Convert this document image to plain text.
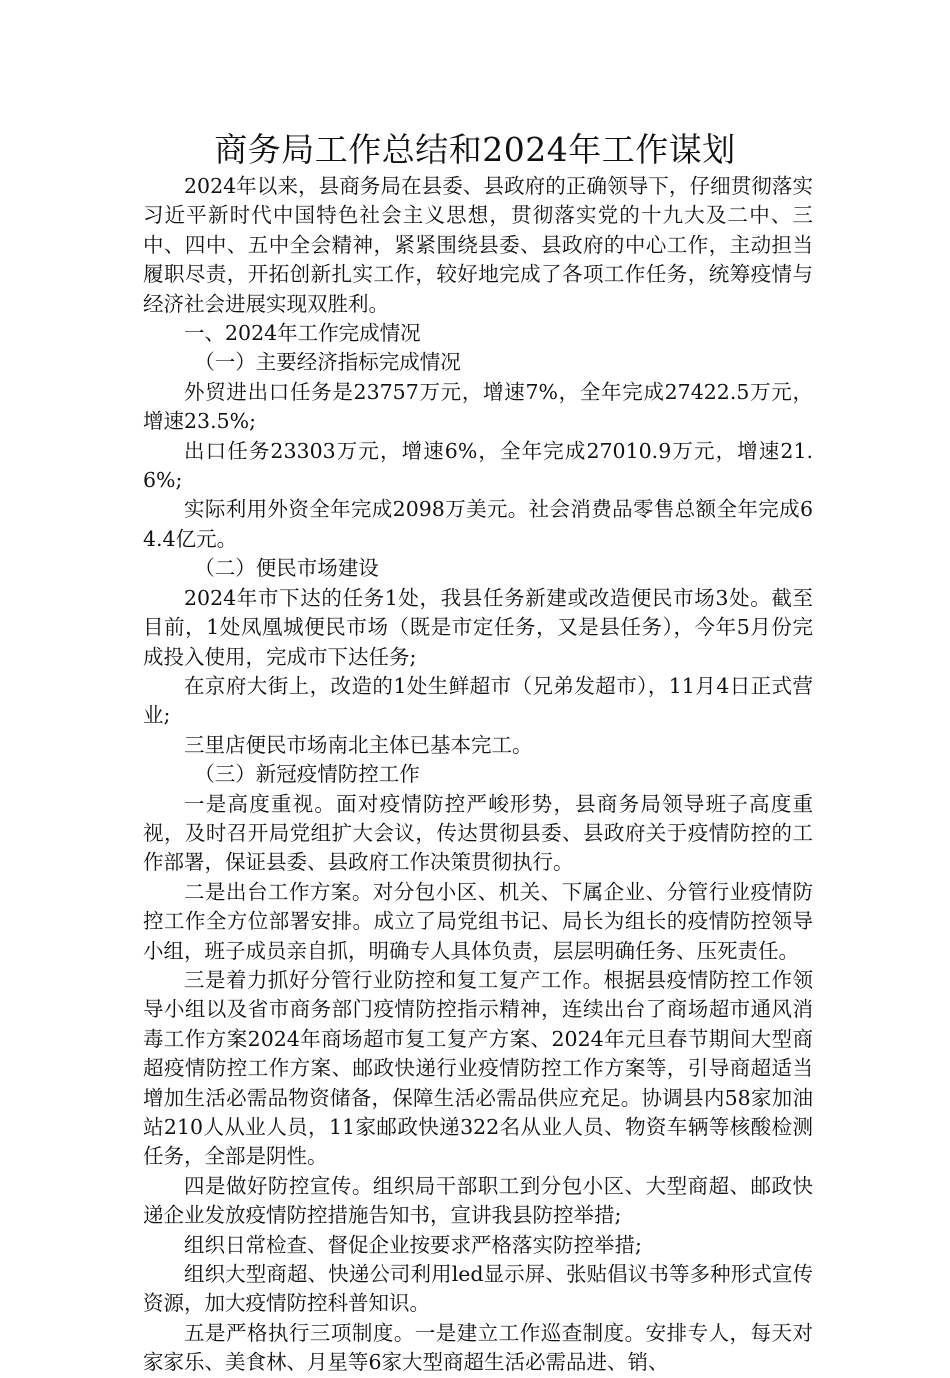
商务局工作总结和2024年工作谋划

2024年以来，县商务局在县委、县政府的正确领导下，仔细贯彻落实习近平新时代中国特色社会主义思想，贯彻落实党的十九大及二中、三中、四中、五中全会精神，紧紧围绕县委、县政府的中心工作，主动担当履职尽责，开拓创新扎实工作，较好地完成了各项工作任务，统筹疫情与经济社会进展实现双胜利。

一、2024年工作完成情况

（一）主要经济指标完成情况

外贸进出口任务是23757万元，增速7%，全年完成27422.5万元，增速23.5%;

出口任务23303万元，增速6%，全年完成27010.9万元，增速21.6%;

实际利用外资全年完成2098万美元。社会消费品零售总额全年完成64.4亿元。

（二）便民市场建设

2024年市下达的任务1处，我县任务新建或改造便民市场3处。截至目前，1处凤凰城便民市场（既是市定任务，又是县任务），今年5月份完成投入使用，完成市下达任务;

在京府大街上，改造的1处生鲜超市（兄弟发超市），11月4日正式营业;

三里店便民市场南北主体已基本完工。

（三）新冠疫情防控工作

一是高度重视。面对疫情防控严峻形势，县商务局领导班子高度重视，及时召开局党组扩大会议，传达贯彻县委、县政府关于疫情防控的工作部署，保证县委、县政府工作决策贯彻执行。

二是出台工作方案。对分包小区、机关、下属企业、分管行业疫情防控工作全方位部署安排。成立了局党组书记、局长为组长的疫情防控领导小组，班子成员亲自抓，明确专人具体负责，层层明确任务、压死责任。

三是着力抓好分管行业防控和复工复产工作。根据县疫情防控工作领导小组以及省市商务部门疫情防控指示精神，连续出台了商场超市通风消毒工作方案2024年商场超市复工复产方案、2024年元旦春节期间大型商超疫情防控工作方案、邮政快递行业疫情防控工作方案等，引导商超适当增加生活必需品物资储备，保障生活必需品供应充足。协调县内58家加油站210人从业人员，11家邮政快递322名从业人员、物资车辆等核酸检测任务，全部是阴性。

四是做好防控宣传。组织局干部职工到分包小区、大型商超、邮政快递企业发放疫情防控措施告知书，宣讲我县防控举措;

组织日常检查、督促企业按要求严格落实防控举措;

组织大型商超、快递公司利用led显示屏、张贴倡议书等多种形式宣传资源，加大疫情防控科普知识。

五是严格执行三项制度。一是建立工作巡查制度。安排专人，每天对家家乐、美食林、月星等6家大型商超生活必需品进、销、
